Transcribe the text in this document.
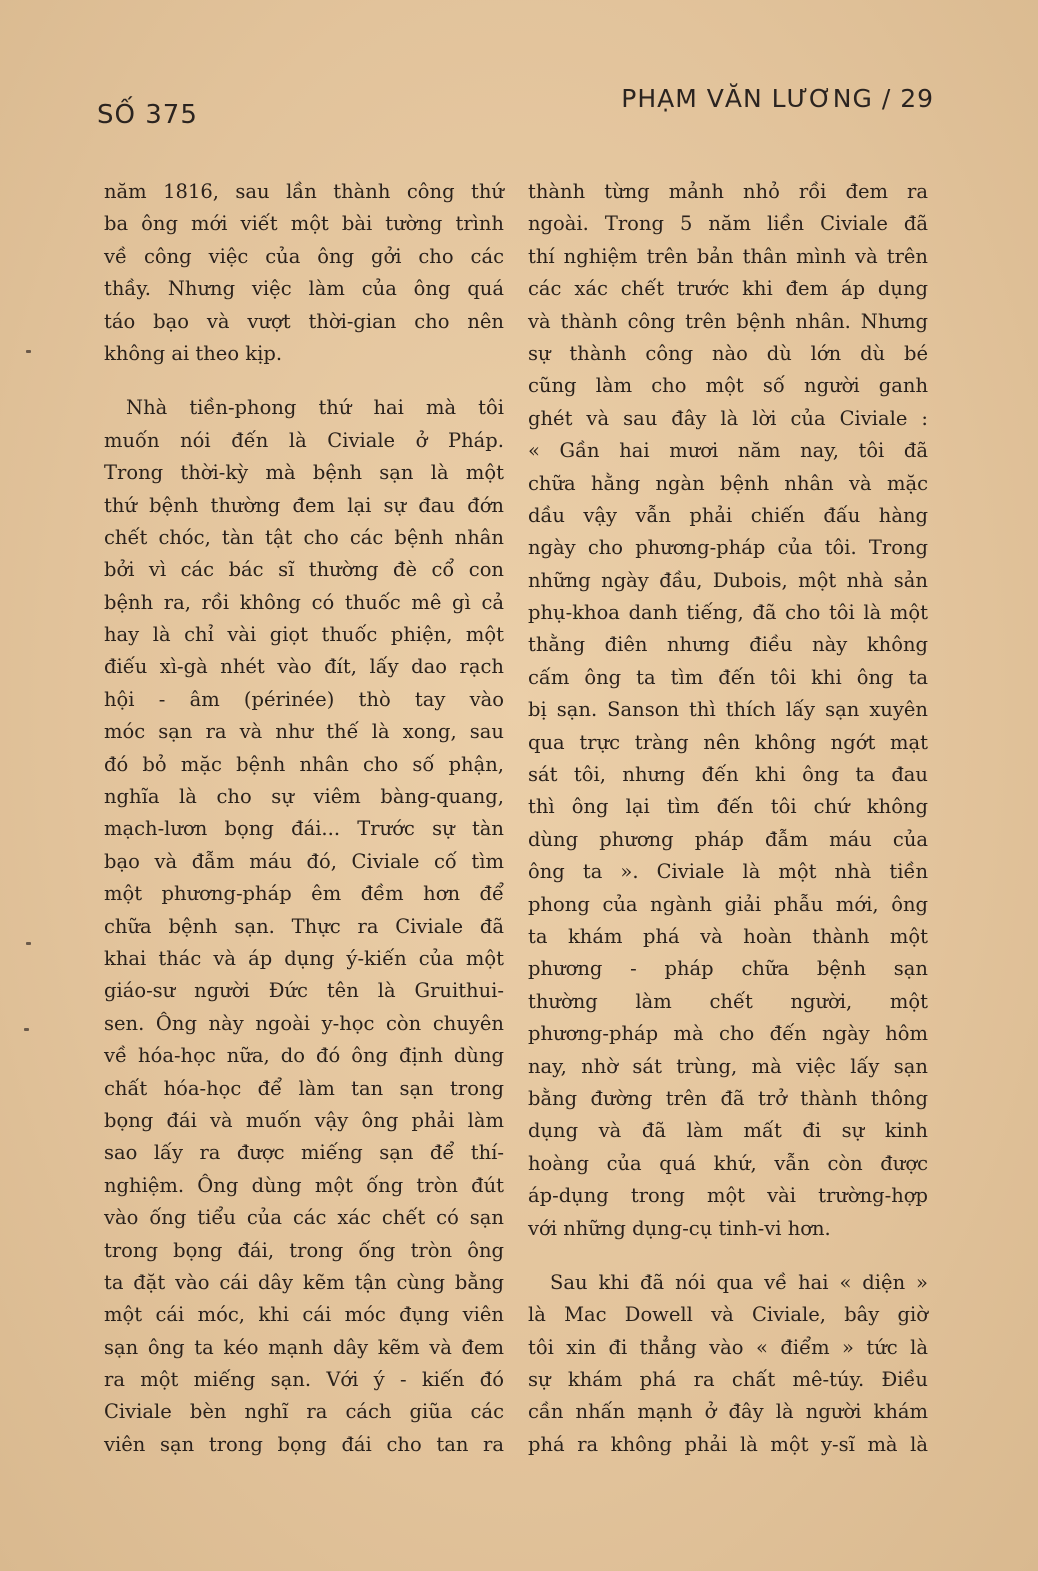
SỐ 375
PHẠM VĂN LƯƠNG / 29
năm 1816, sau lần thành công thứ
ba ông mới viết một bài tường trình
về công việc của ông gởi cho các
thầy. Nhưng việc làm của ông quá
táo bạo và vượt thời-gian cho nên
không ai theo kịp.
Nhà tiền-phong thứ hai mà tôi
muốn nói đến là Civiale ở Pháp.
Trong thời-kỳ mà bệnh sạn là một
thứ bệnh thường đem lại sự đau đớn
chết chóc, tàn tật cho các bệnh nhân
bởi vì các bác sĩ thường đè cổ con
bệnh ra, rồi không có thuốc mê gì cả
hay là chỉ vài giọt thuốc phiện, một
điếu xì-gà nhét vào đít, lấy dao rạch
hội - âm (périnée) thò tay vào
móc sạn ra và như thế là xong, sau
đó bỏ mặc bệnh nhân cho số phận,
nghĩa là cho sự viêm bàng-quang,
mạch-lươn bọng đái... Trước sự tàn
bạo và đẫm máu đó, Civiale cố tìm
một phương-pháp êm đềm hơn để
chữa bệnh sạn. Thực ra Civiale đã
khai thác và áp dụng ý-kiến của một
giáo-sư người Đức tên là Gruithui-
sen. Ông này ngoài y-học còn chuyên
về hóa-học nữa, do đó ông định dùng
chất hóa-học để làm tan sạn trong
bọng đái và muốn vậy ông phải làm
sao lấy ra được miếng sạn để thí-
nghiệm. Ông dùng một ống tròn đút
vào ống tiểu của các xác chết có sạn
trong bọng đái, trong ống tròn ông
ta đặt vào cái dây kẽm tận cùng bằng
một cái móc, khi cái móc đụng viên
sạn ông ta kéo mạnh dây kẽm và đem
ra một miếng sạn. Với ý - kiến đó
Civiale bèn nghĩ ra cách giũa các
viên sạn trong bọng đái cho tan ra
thành từng mảnh nhỏ rồi đem ra
ngoài. Trong 5 năm liền Civiale đã
thí nghiệm trên bản thân mình và trên
các xác chết trước khi đem áp dụng
và thành công trên bệnh nhân. Nhưng
sự thành công nào dù lớn dù bé
cũng làm cho một số người ganh
ghét và sau đây là lời của Civiale :
« Gần hai mươi năm nay, tôi đã
chữa hằng ngàn bệnh nhân và mặc
dầu vậy vẫn phải chiến đấu hàng
ngày cho phương-pháp của tôi. Trong
những ngày đầu, Dubois, một nhà sản
phụ-khoa danh tiếng, đã cho tôi là một
thằng điên nhưng điều này không
cấm ông ta tìm đến tôi khi ông ta
bị sạn. Sanson thì thích lấy sạn xuyên
qua trực tràng nên không ngớt mạt
sát tôi, nhưng đến khi ông ta đau
thì ông lại tìm đến tôi chứ không
dùng phương pháp đẫm máu của
ông ta ». Civiale là một nhà tiền
phong của ngành giải phẫu mới, ông
ta khám phá và hoàn thành một
phương - pháp chữa bệnh sạn
thường làm chết người, một
phương-pháp mà cho đến ngày hôm
nay, nhờ sát trùng, mà việc lấy sạn
bằng đường trên đã trở thành thông
dụng và đã làm mất đi sự kinh
hoàng của quá khứ, vẫn còn được
áp-dụng trong một vài trường-hợp
với những dụng-cụ tinh-vi hơn.
Sau khi đã nói qua về hai « diện »
là Mac Dowell và Civiale, bây giờ
tôi xin đi thẳng vào « điểm » tức là
sự khám phá ra chất mê-túy. Điều
cần nhấn mạnh ở đây là người khám
phá ra không phải là một y-sĩ mà là
